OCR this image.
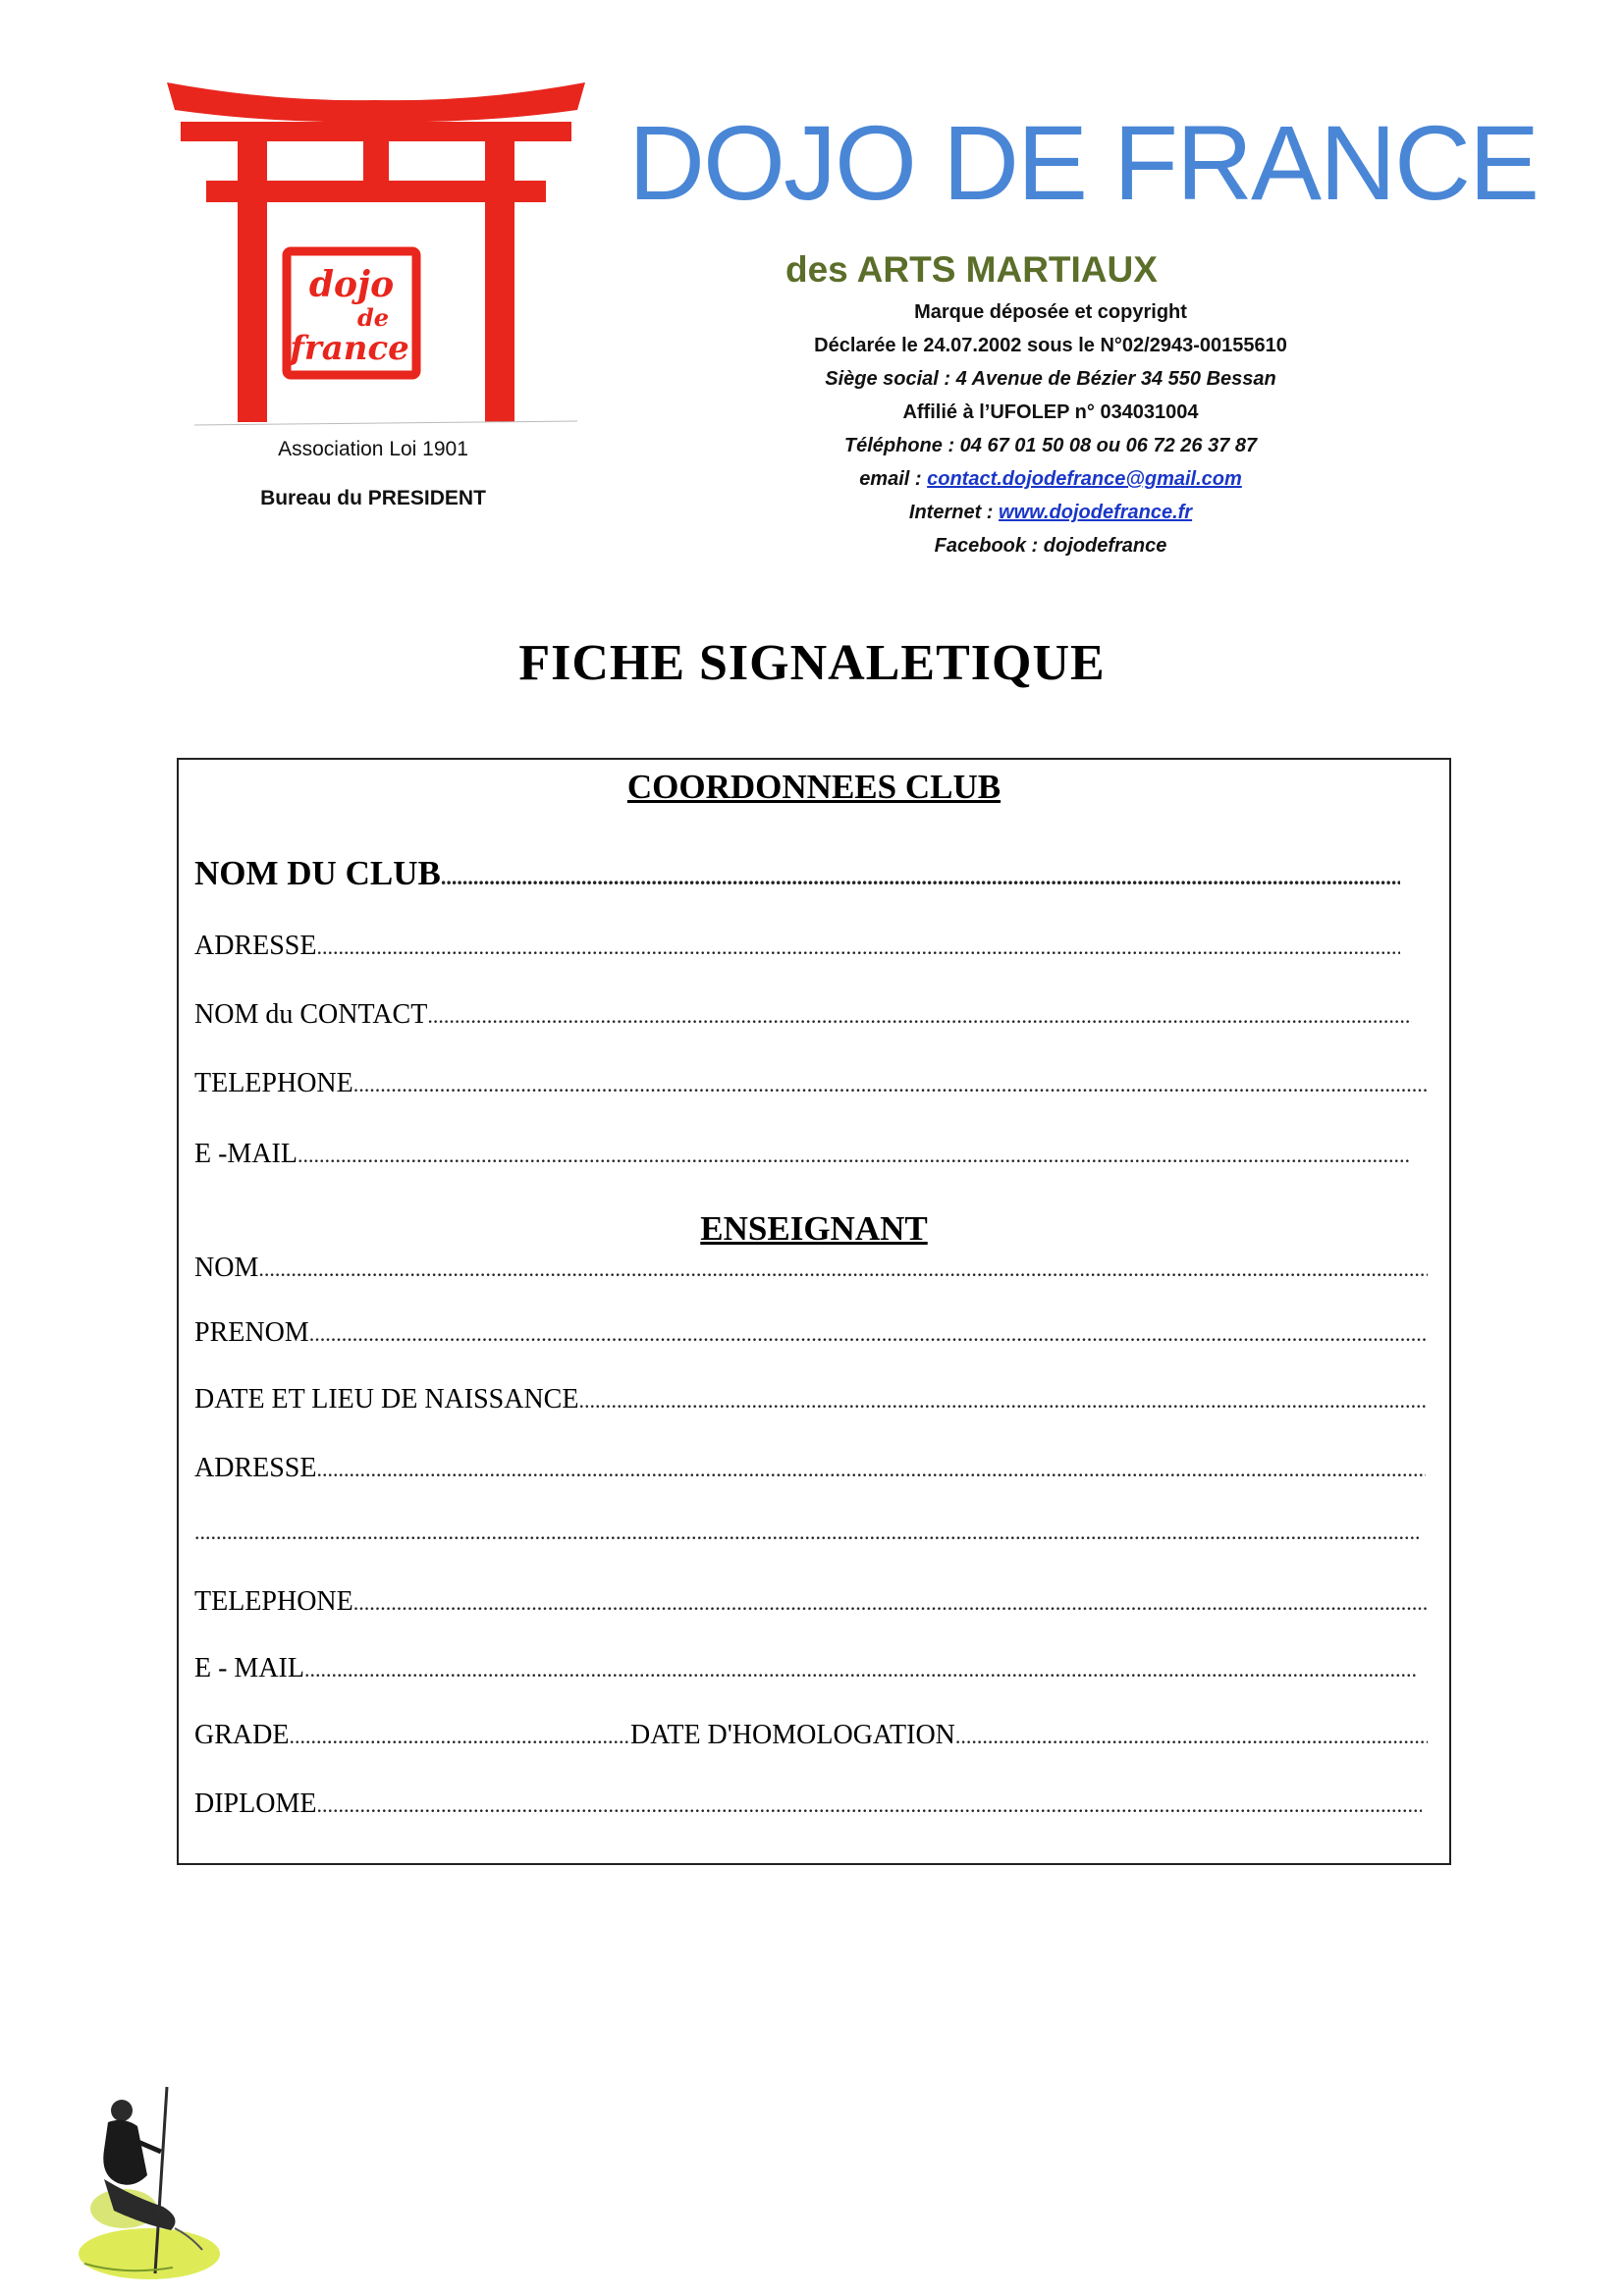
dojo
de
france
Association Loi 1901
Bureau du PRESIDENT
DOJO DE FRANCE
des ARTS MARTIAUX
Marque déposée et copyright
Déclarée le 24.07.2002 sous le N°02/2943-00155610
Siège social : 4 Avenue de Bézier 34 550 Bessan
Affilié à l’UFOLEP n° 034031004
Téléphone : 04 67 01 50 08 ou 06 72 26 37 87
email : contact.dojodefrance@gmail.com
Internet : www.dojodefrance.fr
Facebook : dojodefrance
FICHE SIGNALETIQUE
COORDONNEES CLUB
NOM DU CLUB
.....
ADRESSE
.....
NOM du CONTACT
.....
TELEPHONE
.....
E -MAIL
.....
ENSEIGNANT
NOM
.....
PRENOM
.....
DATE ET LIEU DE NAISSANCE
.....
ADRESSE
.....
.....
TELEPHONE
.....
E - MAIL
.....
GRADE
.....	DATE D'HOMOLOGATION
.....
DIPLOME
.....
